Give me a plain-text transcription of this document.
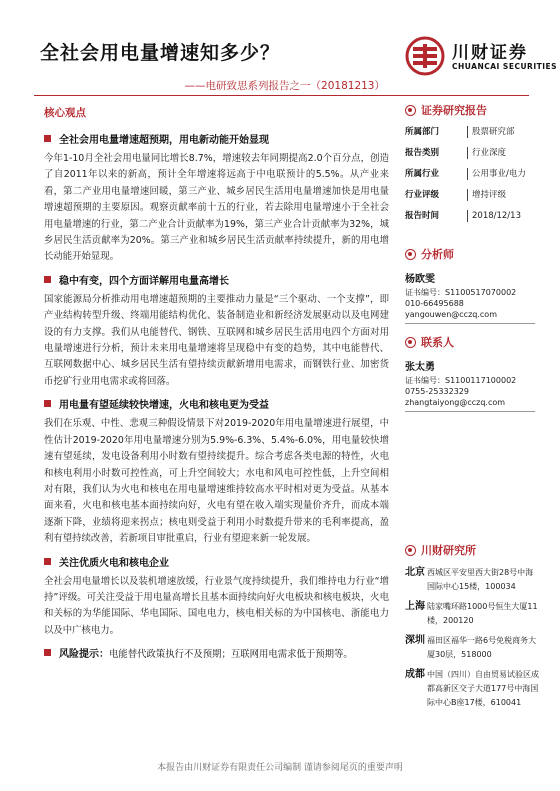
全社会用电量增速知多少？
——电研致思系列报告之一（20181213）
川财证券
CHUANCAI SECURITIES
核心观点
全社会用电量增速超预期，用电新动能开始显现

今年1-10月全社会用电量同比增长8.7%，增速较去年同期提高2.0个百分点，创造了自2011年以来的新高，预计全年增速将远高于中电联预计的5.5%。从产业来看，第二产业用电量增速回暖，第三产业、城乡居民生活用电量增速加快是用电量增速超预期的主要原因。观察贡献率前十五的行业，若去除用电量增速小于全社会用电量增速的行业，第二产业合计贡献率为19%，第三产业合计贡献率为32%，城乡居民生活贡献率为20%。第三产业和城乡居民生活贡献率持续提升，新的用电增长动能开始显现。

稳中有变，四个方面详解用电量高增长

国家能源局分析推动用电增速超预期的主要推动力量是“三个驱动、一个支撑”，即产业结构转型升级、终端用能结构优化、装备制造业和新经济发展驱动以及电网建设的有力支撑。我们从电能替代、钢铁、互联网和城乡居民生活用电四个方面对用电量增速进行分析，预计未来用电量增速将呈现稳中有变的趋势，其中电能替代、互联网数据中心、城乡居民生活有望持续贡献新增用电需求，而钢铁行业、加密货币挖矿行业用电需求或将回落。

用电量有望延续较快增速，火电和核电更为受益

我们在乐观、中性、悲观三种假设情景下对2019-2020年用电量增速进行展望，中性估计2019-2020年用电量增速分别为5.9%-6.3%、5.4%-6.0%，用电量较快增速有望延续，发电设备利用小时数有望持续提升。综合考虑各类电源的特性，火电和核电利用小时数可控性高，可上升空间较大；水电和风电可控性低，上升空间相对有限，我们认为火电和核电在用电量增速维持较高水平时相对更为受益。从基本面来看，火电和核电基本面持续向好，火电有望在收入端实现量价齐升，而成本端逐渐下降，业绩将迎来拐点；核电则受益于利用小时数提升带来的毛利率提高，盈利有望持续改善，若新项目审批重启，行业有望迎来新一轮发展。

关注优质火电和核电企业

全社会用电量增长以及装机增速放缓，行业景气度持续提升，我们维持电力行业“增持”评级。可关注受益于用电量高增长且基本面持续向好火电板块和核电板块，火电和关标的为华能国际、华电国际、国电电力，核电相关标的为中国核电、浙能电力以及中广核电力。

风险提示： 电能替代政策执行不及预期；互联网用电需求低于预期等。
证券研究报告
所属部门	股票研究部
报告类别	行业深度
所属行业	公用事业/电力
行业评级	增持评级
报告时间	2018/12/13
分析师
杨欧雯
证书编号：S1100517070002
010-66495688
yangouwen@cczq.com
联系人
张太勇
证书编号：S1100117100002
0755-25332329
zhangtaiyong@cczq.com
川财研究所
北京 西城区平安里西大街28号中海国际中心15楼，100034
上海 陆家嘴环路1000号恒生大厦11楼，200120
深圳 福田区福华一路6号免税商务大厦30层，518000
成都 中国（四川）自由贸易试验区成都高新区交子大道177号中海国际中心B座17楼，610041
本报告由川财证券有限责任公司编制 谨请参阅尾页的重要声明
